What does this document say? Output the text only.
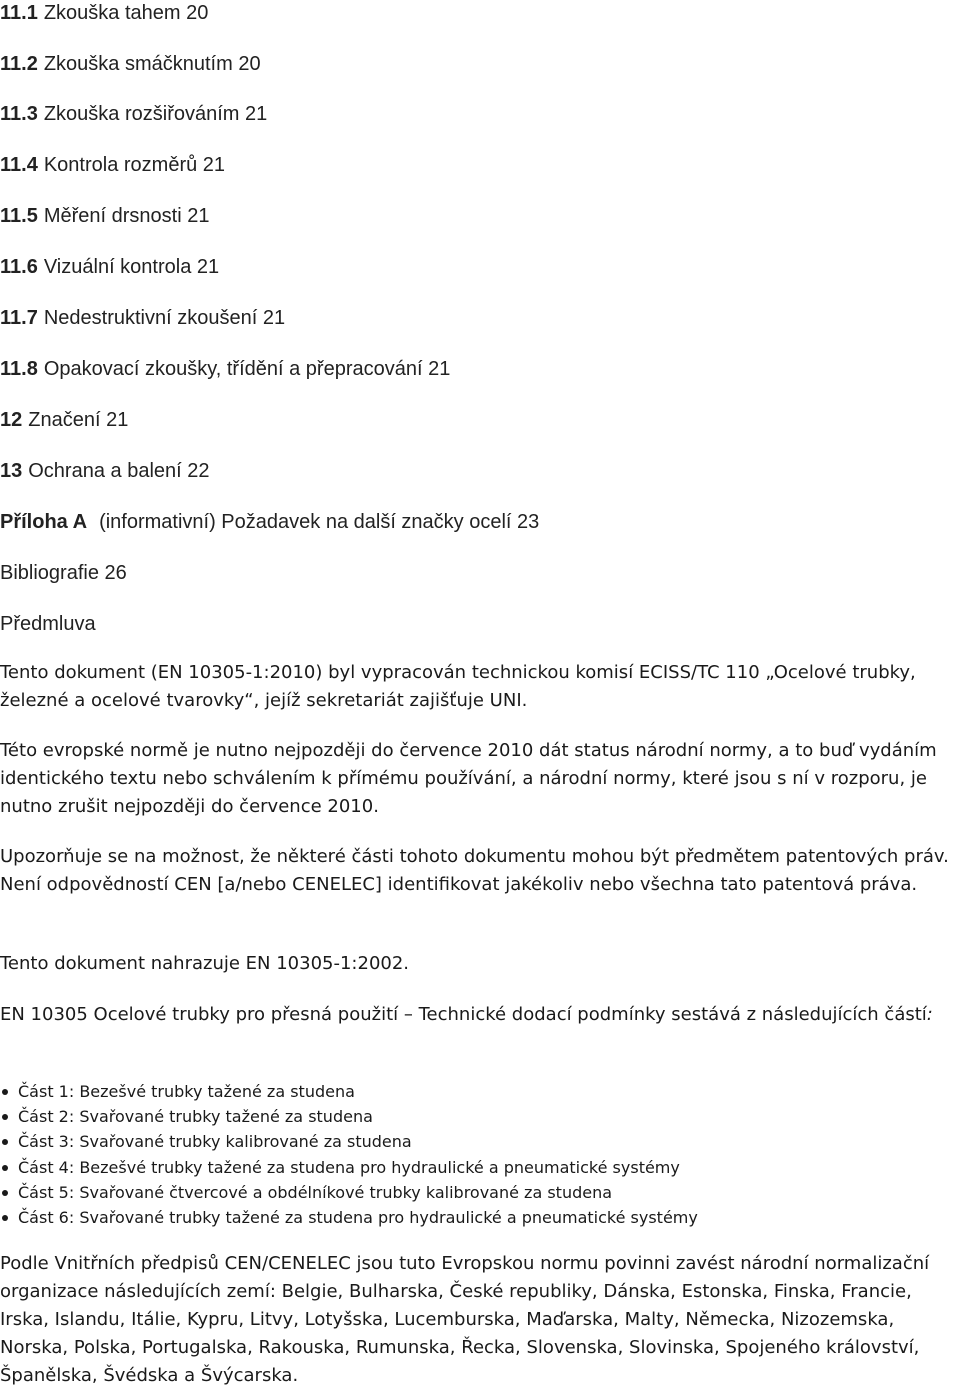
11.1 Zkouška tahem 20
11.2 Zkouška smáčknutím 20
11.3 Zkouška rozšiřováním 21
11.4 Kontrola rozměrů 21
11.5 Měření drsnosti 21
11.6 Vizuální kontrola 21
11.7 Nedestruktivní zkoušení 21
11.8 Opakovací zkoušky, třídění a přepracování 21
12 Značení 21
13 Ochrana a balení 22
Příloha A (informativní) Požadavek na další značky ocelí 23
Bibliografie 26
Předmluva

Tento dokument (EN 10305-1:2010) byl vypracován technickou komisí ECISS/TC 110 „Ocelové trubky, železné a ocelové tvarovky“, jejíž sekretariát zajišťuje UNI.

Této evropské normě je nutno nejpozději do července 2010 dát status národní normy, a to buď vydáním identického textu nebo schválením k přímému používání, a národní normy, které jsou s ní v rozporu, je nutno zrušit nejpozději do července 2010.

Upozorňuje se na možnost, že některé části tohoto dokumentu mohou být předmětem patentových práv. Není odpovědností CEN [a/nebo CENELEC] identifikovat jakékoliv nebo všechna tato patentová práva.

Tento dokument nahrazuje EN 10305-1:2002.

EN 10305 Ocelové trubky pro přesná použití – Technické dodací podmínky sestává z následujících částí:

Část 1: Bezešvé trubky tažené za studena
Část 2: Svařované trubky tažené za studena
Část 3: Svařované trubky kalibrované za studena
Část 4: Bezešvé trubky tažené za studena pro hydraulické a pneumatické systémy
Část 5: Svařované čtvercové a obdélníkové trubky kalibrované za studena
Část 6: Svařované trubky tažené za studena pro hydraulické a pneumatické systémy

Podle Vnitřních předpisů CEN/CENELEC jsou tuto Evropskou normu povinni zavést národní normalizační organizace následujících zemí: Belgie, Bulharska, České republiky, Dánska, Estonska, Finska, Francie, Irska, Islandu, Itálie, Kypru, Litvy, Lotyšska, Lucemburska, Maďarska, Malty, Německa, Nizozemska, Norska, Polska, Portugalska, Rakouska, Rumunska, Řecka, Slovenska, Slovinska, Spojeného království, Španělska, Švédska a Švýcarska.
